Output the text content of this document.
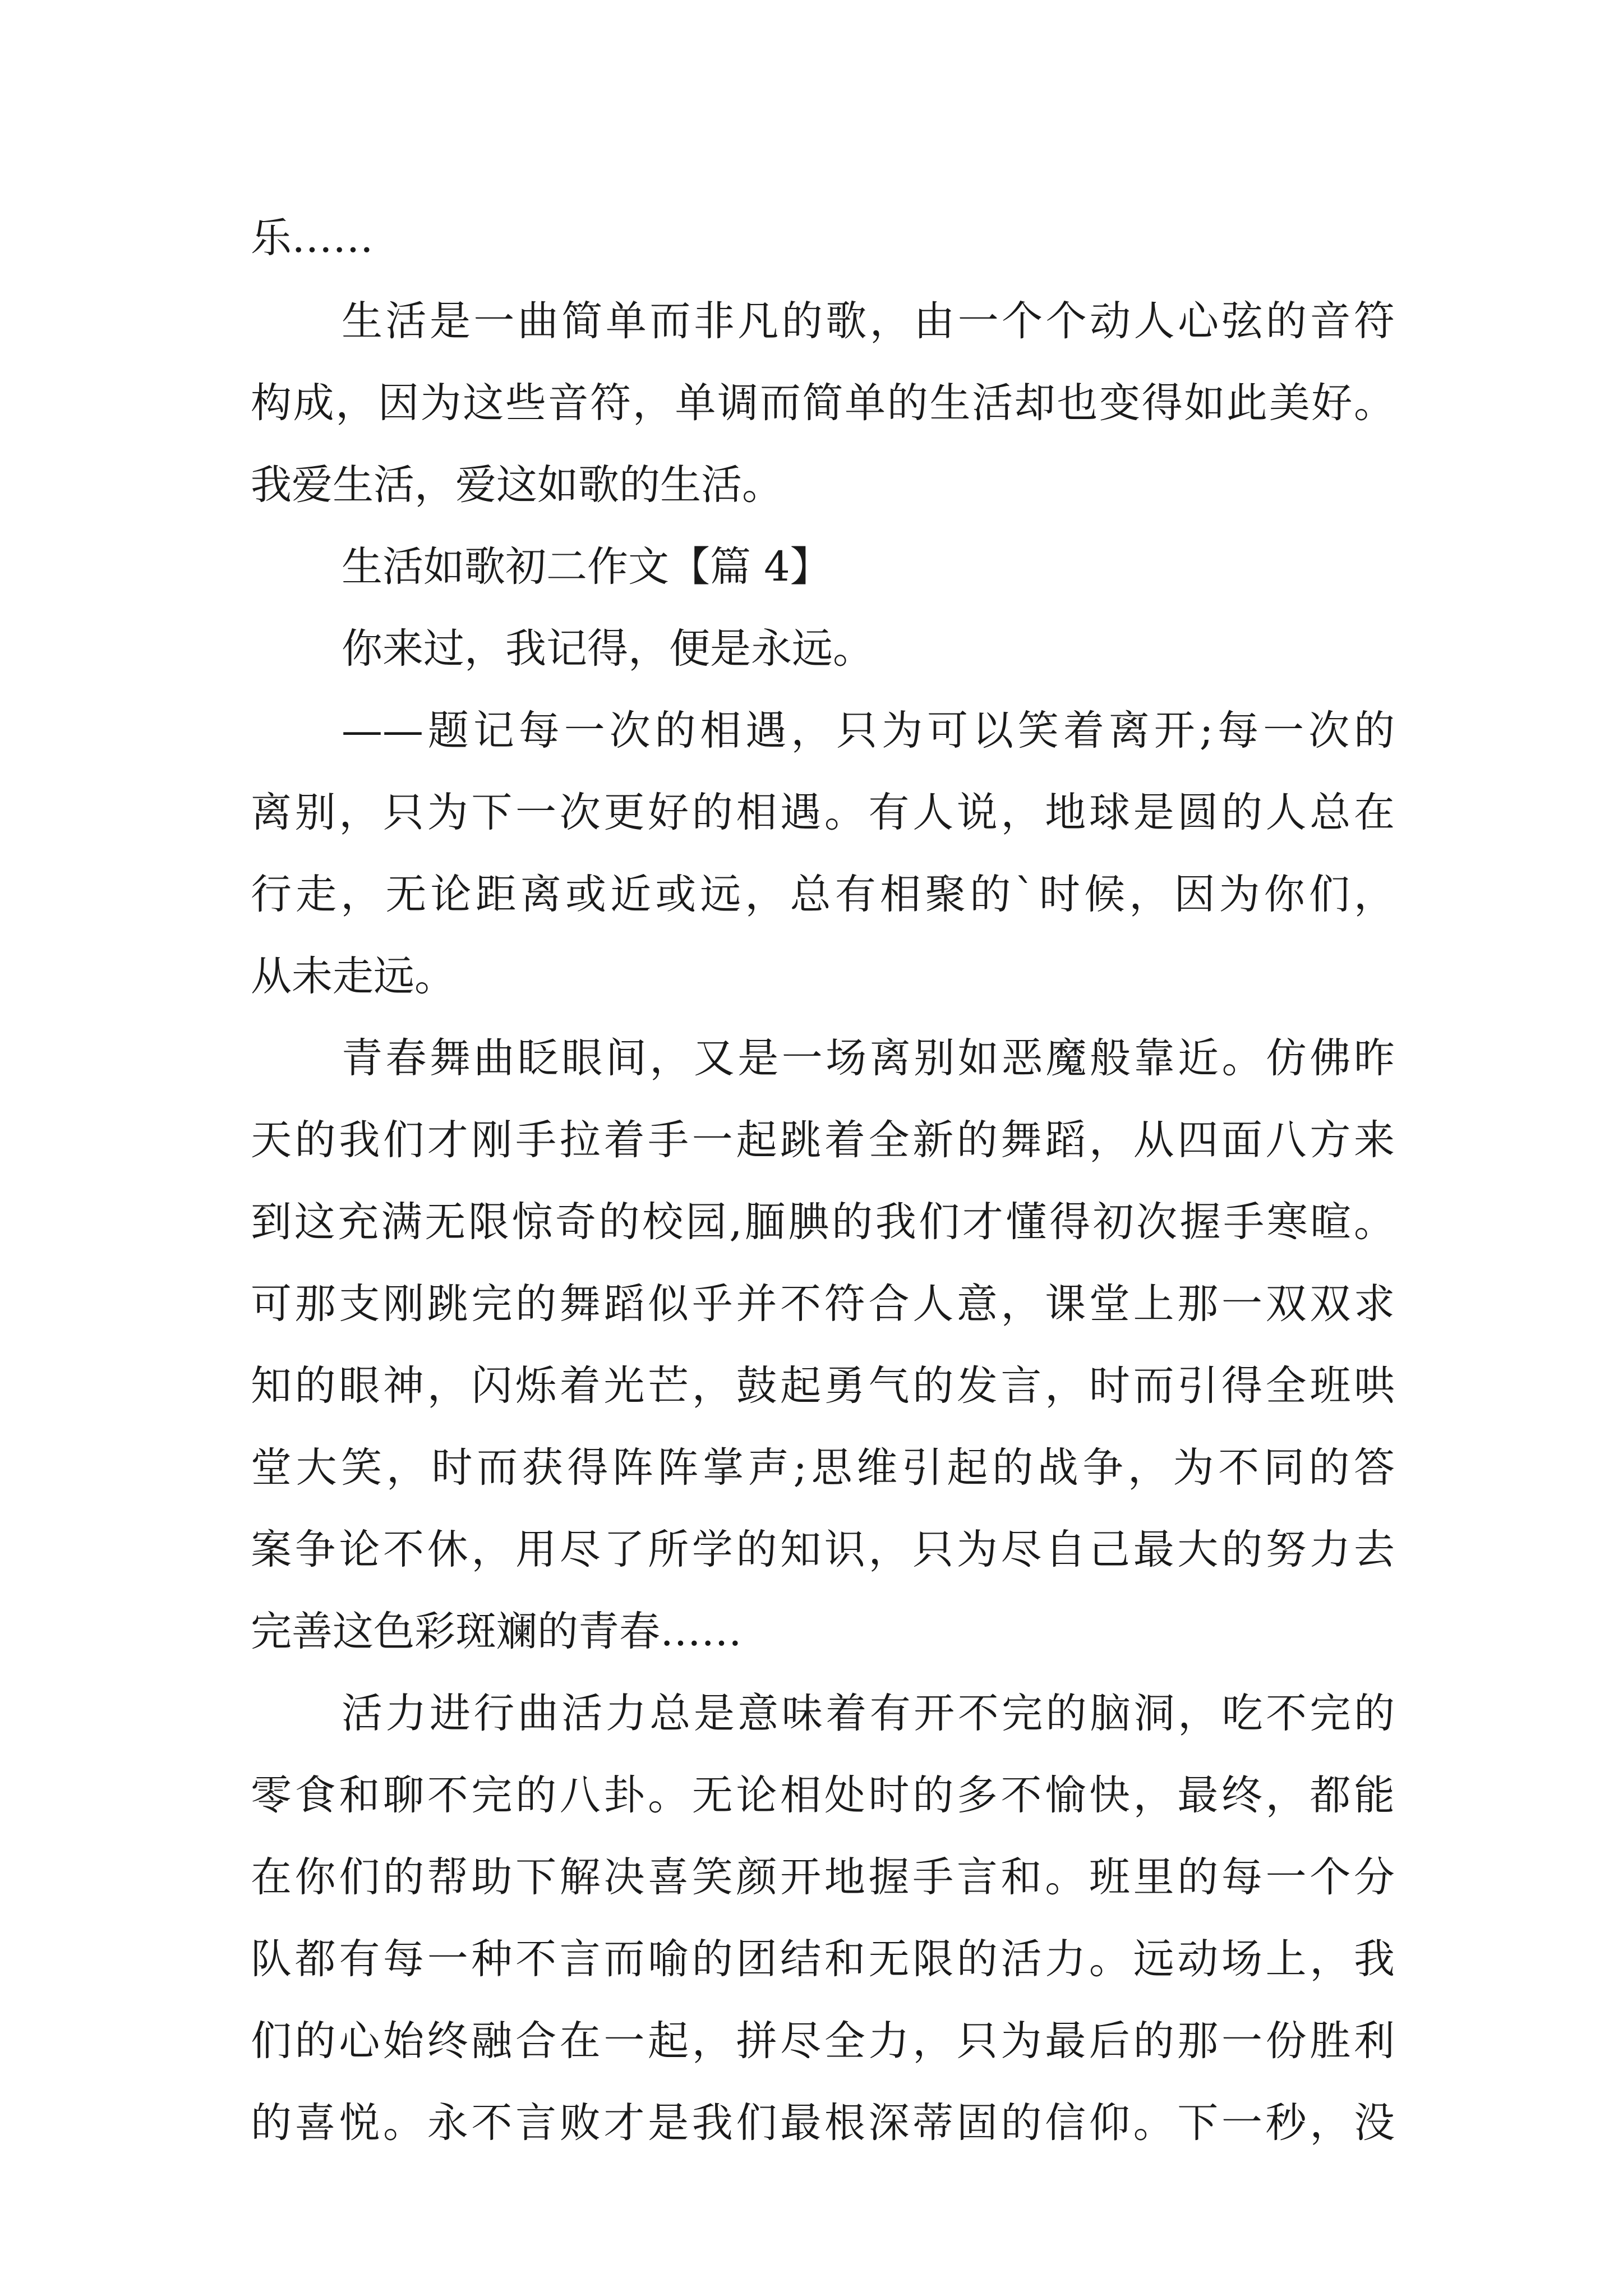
乐……
生活是一曲简单而非凡的歌，由一个个动人心弦的音符
构成，因为这些音符，单调而简单的生活却也变得如此美好。
我爱生活，爱这如歌的生活。
生活如歌初二作文【篇 4】
你来过，我记得，便是永远。
——题记每一次的相遇，只为可以笑着离开;每一次的
离别，只为下一次更好的相遇。有人说，地球是圆的人总在
行走，无论距离或近或远，总有相聚的`时候，因为你们，
从未走远。
青春舞曲眨眼间，又是一场离别如恶魔般靠近。仿佛昨
天的我们才刚手拉着手一起跳着全新的舞蹈，从四面八方来
到这充满无限惊奇的校园,腼腆的我们才懂得初次握手寒暄。
可那支刚跳完的舞蹈似乎并不符合人意，课堂上那一双双求
知的眼神，闪烁着光芒，鼓起勇气的发言，时而引得全班哄
堂大笑，时而获得阵阵掌声;思维引起的战争，为不同的答
案争论不休，用尽了所学的知识，只为尽自己最大的努力去
完善这色彩斑斓的青春……
活力进行曲活力总是意味着有开不完的脑洞，吃不完的
零食和聊不完的八卦。无论相处时的多不愉快，最终，都能
在你们的帮助下解决喜笑颜开地握手言和。班里的每一个分
队都有每一种不言而喻的团结和无限的活力。远动场上，我
们的心始终融合在一起，拼尽全力，只为最后的那一份胜利
的喜悦。永不言败才是我们最根深蒂固的信仰。下一秒，没
